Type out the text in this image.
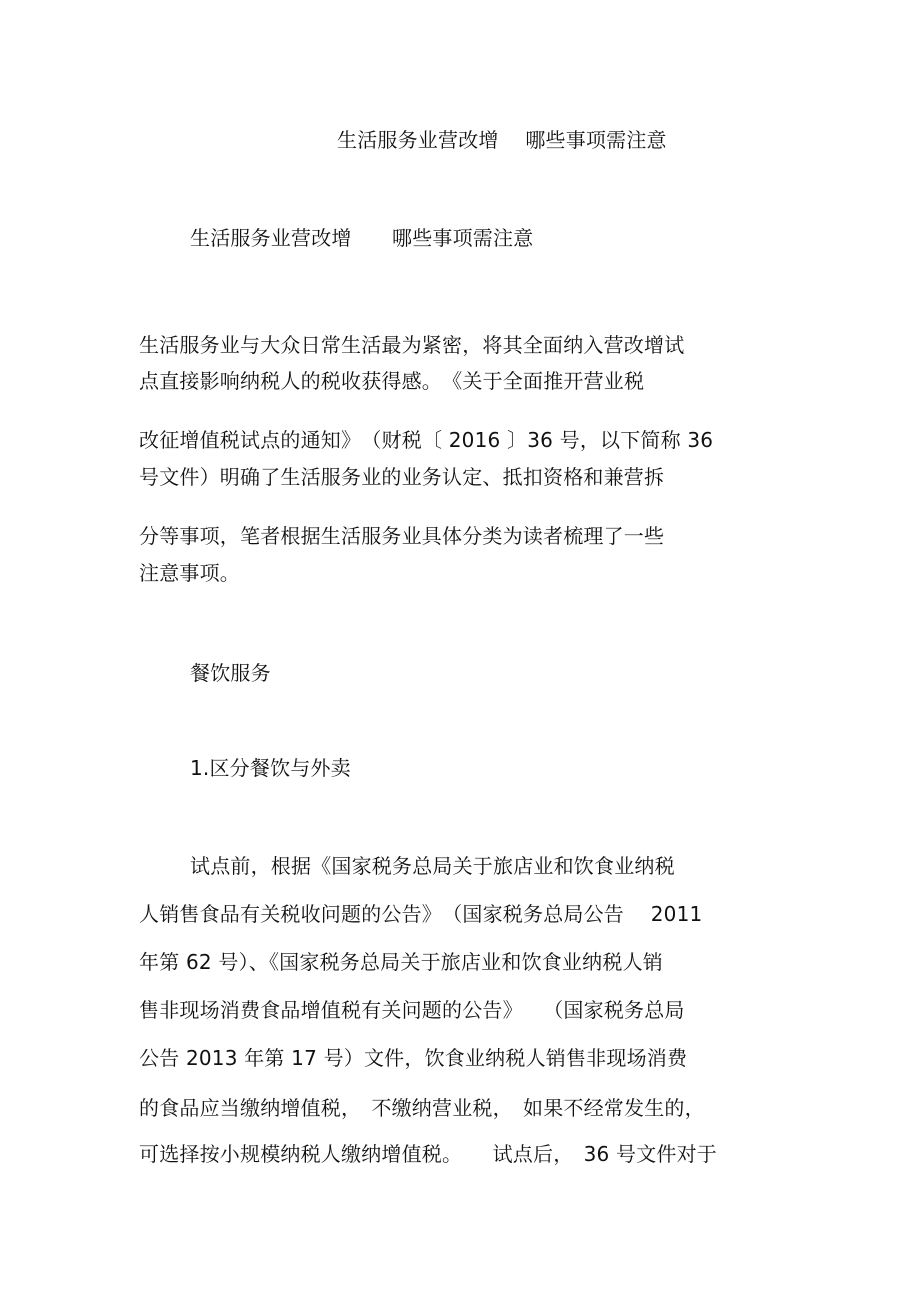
生活服务业营改增　 哪些事项需注意
生活服务业营改增　　哪些事项需注意
生活服务业与大众日常生活最为紧密，将其全面纳入营改增试
点直接影响纳税人的税收获得感。　《关于全面推开营业税
改征增值税试点的通知》　（财税〔 2016 〕36 号，以下简称 36
号文件）明确了生活服务业的业务认定、抵扣资格和兼营拆
分等事项，笔者根据生活服务业具体分类为读者梳理了一些
注意事项。
餐饮服务
1.区分餐饮与外卖
试点前，根据《国家税务总局关于旅店业和饮食业纳税
人销售食品有关税收问题的公告》　（国家税务总局公告　 2011
年第 62 号）、《国家税务总局关于旅店业和饮食业纳税人销
售非现场消费食品增值税有关问题的公告》　　（国家税务总局
公告 2013 年第 17 号）文件，饮食业纳税人销售非现场消费
的食品应当缴纳增值税，　不缴纳营业税，　如果不经常发生的，
可选择按小规模纳税人缴纳增值税。　　试点后，　36 号文件对于
